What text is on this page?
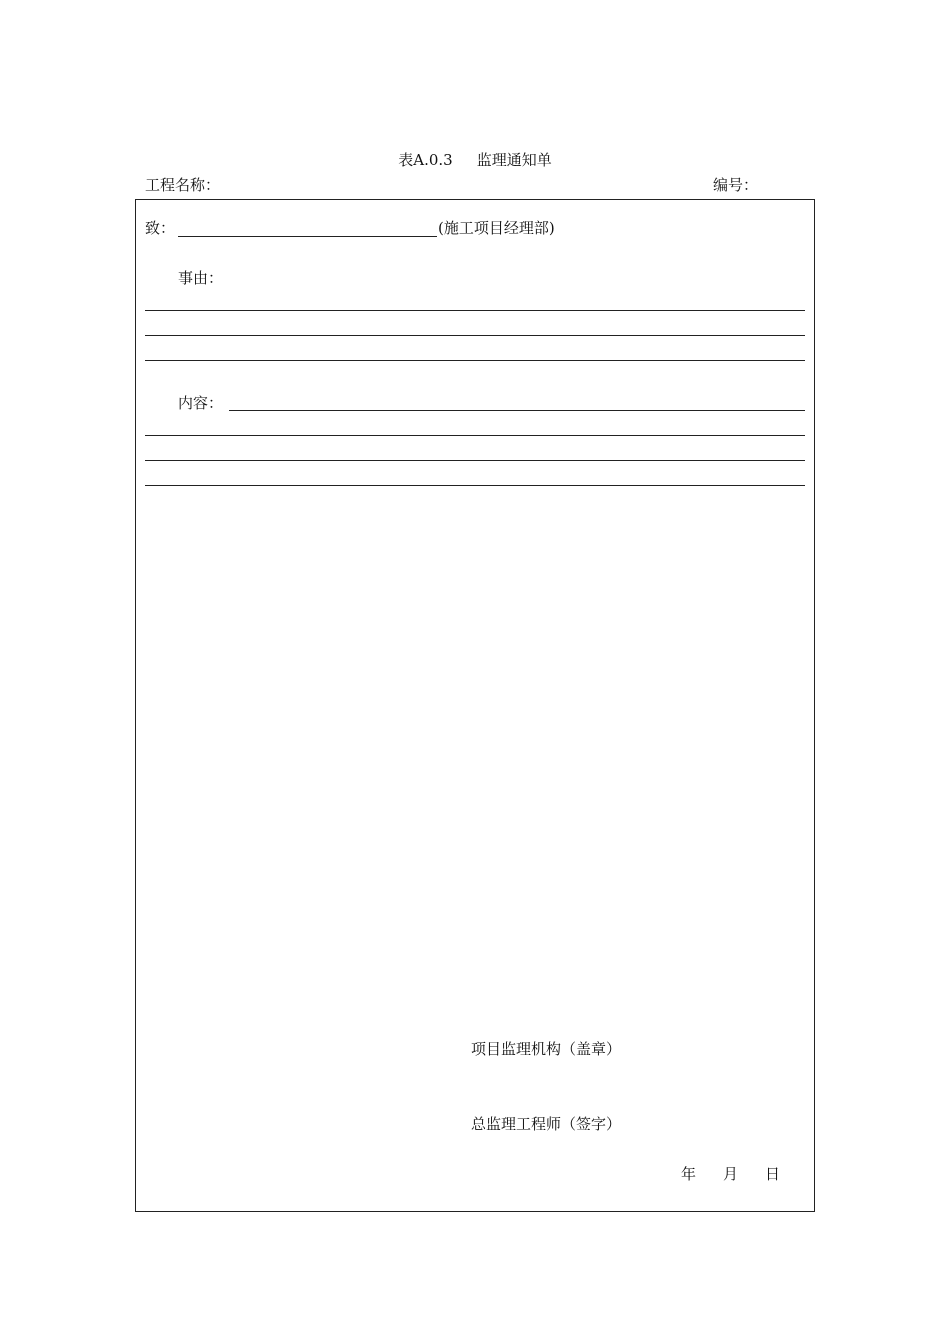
表A.0.3 监理通知单
工程名称：	编号：
致：	(施工项目经理部)
事由：
内容：
项目监理机构（盖章）
总监理工程师（签字）
年 月 日
